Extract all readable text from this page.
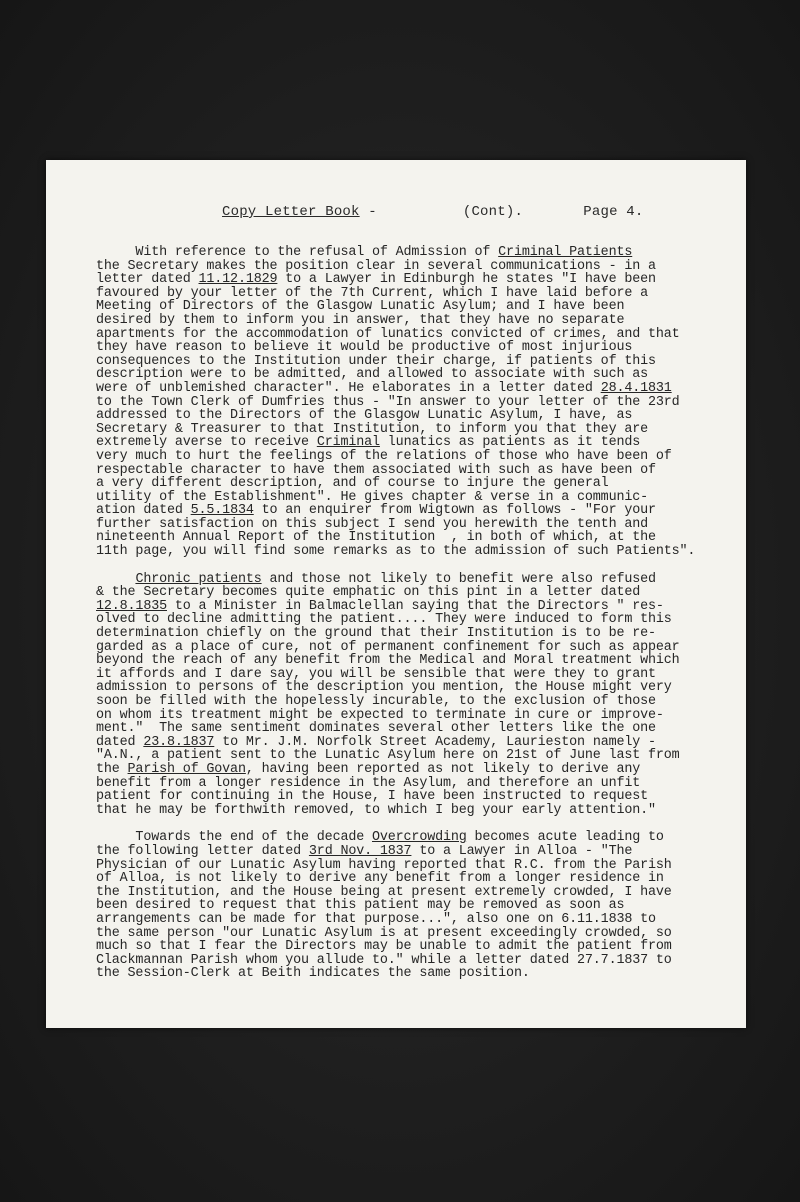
Copy Letter Book -	(Cont).	Page 4.

With reference to the refusal of Admission of Criminal Patients

the Secretary makes the position clear in several communications - in a

letter dated 11.12.1829 to a Lawyer in Edinburgh he states "I have been

favoured by your letter of the 7th Current, which I have laid before a

Meeting of Directors of the Glasgow Lunatic Asylum; and I have been

desired by them to inform you in answer, that they have no separate

apartments for the accommodation of lunatics convicted of crimes, and that

they have reason to believe it would be productive of most injurious

consequences to the Institution under their charge, if patients of this

description were to be admitted, and allowed to associate with such as

were of unblemished character". He elaborates in a letter dated 28.4.1831

to the Town Clerk of Dumfries thus - "In answer to your letter of the 23rd

addressed to the Directors of the Glasgow Lunatic Asylum, I have, as

Secretary & Treasurer to that Institution, to inform you that they are

extremely averse to receive Criminal lunatics as patients as it tends

very much to hurt the feelings of the relations of those who have been of

respectable character to have them associated with such as have been of

a very different description, and of course to injure the general

utility of the Establishment". He gives chapter & verse in a communic-

ation dated 5.5.1834 to an enquirer from Wigtown as follows - "For your

further satisfaction on this subject I send you herewith the tenth and

nineteenth Annual Report of the Institution  , in both of which, at the

11th page, you will find some remarks as to the admission of such Patients".

Chronic patients and those not likely to benefit were also refused

& the Secretary becomes quite emphatic on this pint in a letter dated

12.8.1835 to a Minister in Balmaclellan saying that the Directors " res-

olved to decline admitting the patient.... They were induced to form this

determination chiefly on the ground that their Institution is to be re-

garded as a place of cure, not of permanent confinement for such as appear

beyond the reach of any benefit from the Medical and Moral treatment which

it affords and I dare say, you will be sensible that were they to grant

admission to persons of the description you mention, the House might very

soon be filled with the hopelessly incurable, to the exclusion of those

on whom its treatment might be expected to terminate in cure or improve-

ment."  The same sentiment dominates several other letters like the one

dated 23.8.1837 to Mr. J.M. Norfolk Street Academy, Laurieston namely -

"A.N., a patient sent to the Lunatic Asylum here on 21st of June last from

the Parish of Govan, having been reported as not likely to derive any

benefit from a longer residence in the Asylum, and therefore an unfit

patient for continuing in the House, I have been instructed to request

that he may be forthwith removed, to which I beg your early attention."

Towards the end of the decade Overcrowding becomes acute leading to

the following letter dated 3rd Nov. 1837 to a Lawyer in Alloa - "The

Physician of our Lunatic Asylum having reported that R.C. from the Parish

of Alloa, is not likely to derive any benefit from a longer residence in

the Institution, and the House being at present extremely crowded, I have

been desired to request that this patient may be removed as soon as

arrangements can be made for that purpose...", also one on 6.11.1838 to

the same person "our Lunatic Asylum is at present exceedingly crowded, so

much so that I fear the Directors may be unable to admit the patient from

Clackmannan Parish whom you allude to." while a letter dated 27.7.1837 to

the Session-Clerk at Beith indicates the same position.
